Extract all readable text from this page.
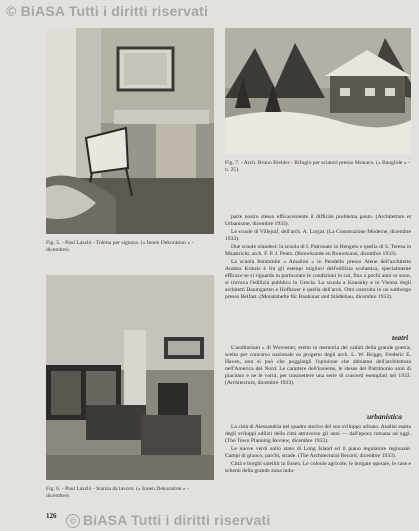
© BiASA Tutti i diritti riservati
Fig. 5. - Paul László - Toletta per signora. (« Innen Dekoration » - dicembre).
Fig. 6. - Paul László - Stanza da lavoro. (« Innen Dekoration » - dicembre).
Fig. 7. - Arch. Bruno Biehler - Rifugio per sciatori presso Monaco. (« Bauglide » - n. 25).

parte nostro stesso efficacemente il difficile problema posto. (Architetture et Urbanisme, dicembre 1933).

Le scuole di Villejuif, dell'arch. A. Lurçat. (La Construzione Moderne, dicembre 1933).

Due scuole olandesi: la scuola di I. Patronato in Hengelo e quella di S. Teresa in Maastricht, arch. F. P. J. Peutz. (Bouwkunde en Bouwkunst, dicembre 1933).

La scuola femminile « Amalion » in Pendelin presso Atene dell'architetto Andrea Kriezis è fra gli esempi migliori dell'edilizia scolastica, specialmente efficace se si riguarda in particolare le condizioni in cui, fino a pochi anni or sono, si trovava l'edilizia pubblica in Grecia. La scuola a Kousnky e in Vienna degli architetti Baumgarten e Hofbauer è quella dell'arch. Otto costruita in un sobborgo presso Belfast. (Monatshefte für Baukunst und Städtebau, dicembre 1933).

teatri

L'auditorium » di Worcester, eretto in memoria dei caduti della grande guerra; scelto per concorso nazionale su progetto degli arch. L. W. Briggs, Frederic E. Haven, non si può che poggiargli l'opinione che abbiamo dell'architettura nell'America del Nord. Le carattere dell'insieme, le stesse del Patrimonio anni di piaciono e ne le vorrà, per trasmettere una serie di concerti esemplari nel 1933. (Architecture, dicembre 1933).

urbanistica

La città di Alessandria nel quadro storico del suo sviluppo urbano. Analisi esatta degli sviluppi edilizi della città attraverso gli anni — dall'epoca romana ad oggi. (The Town Planning Review, dicembre 1933).

Le nuove verdi sullo stato di Long Island ed il piano regolatore regionale. Campi di giuoco, parchi, strade. (The Architectural Record, dicembre 1933).

Città e borghi satelliti in Essen. Le colonie agricole, le borgate operaie, le case e schemi della grande zona indu-

126	© BiASA Tutti i diritti riservati
